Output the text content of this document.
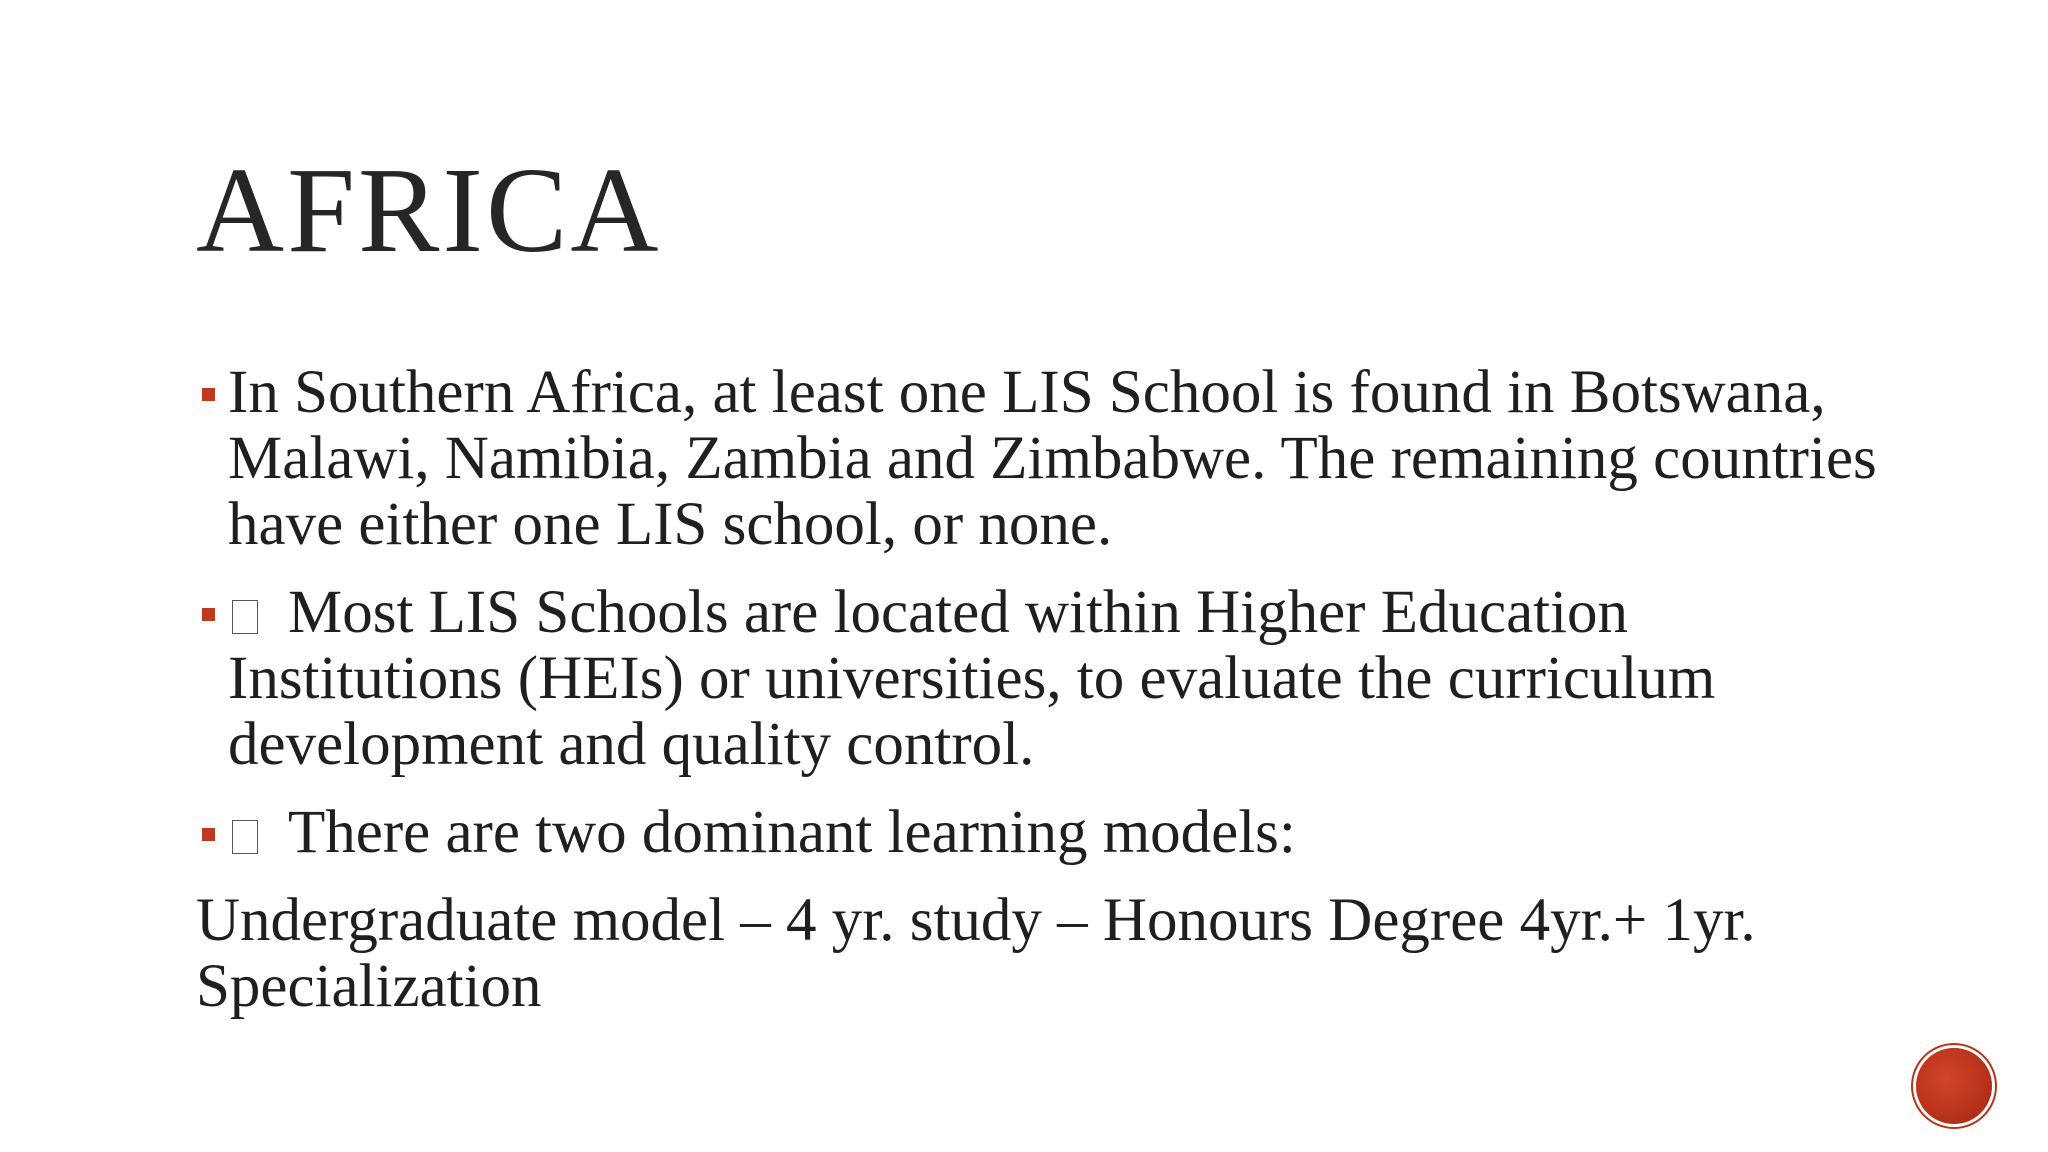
AFRICA
In Southern Africa, at least one LIS School is found in Botswana, Malawi, Namibia, Zambia and Zimbabwe. The remaining countries have either one LIS school, or none.
Most LIS Schools are located within Higher Education Institutions (HEIs) or universities, to evaluate the curriculum development and quality control.
There are two dominant learning models:

Undergraduate model – 4 yr. study – Honours Degree 4yr.+ 1yr. Specialization
